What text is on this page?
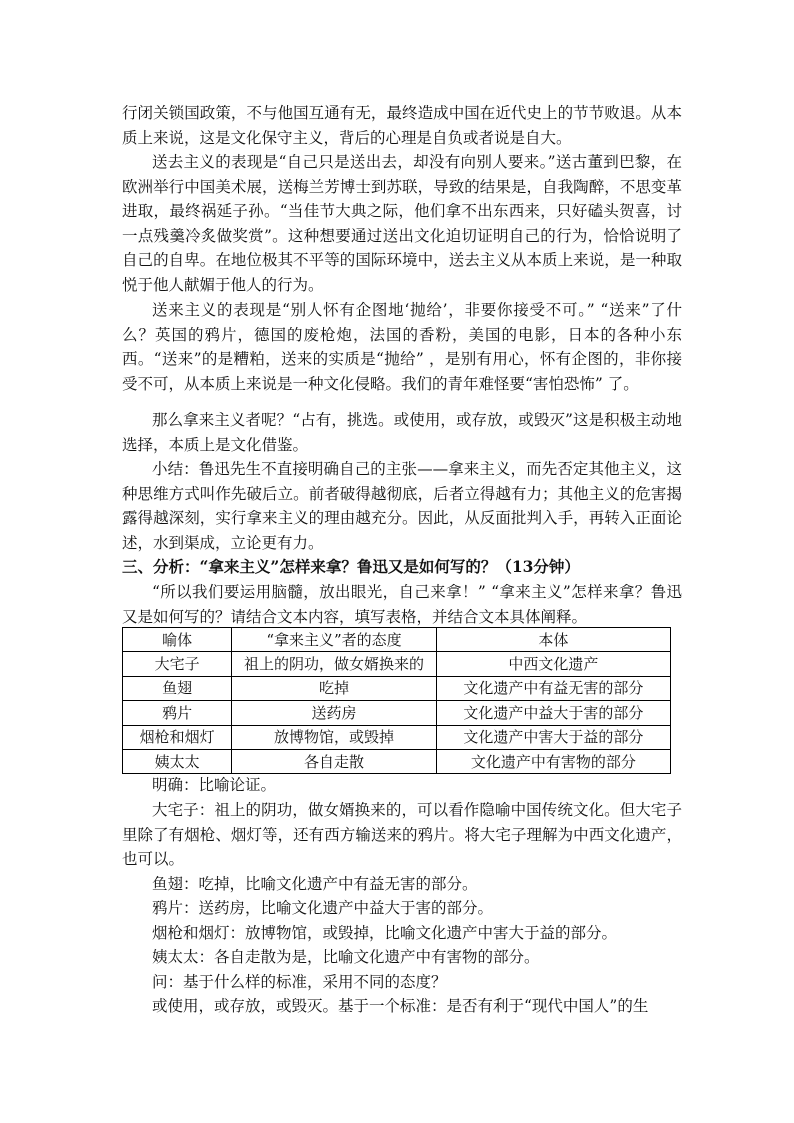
行闭关锁国政策，不与他国互通有无，最终造成中国在近代史上的节节败退。从本质上来说，这是文化保守主义，背后的心理是自负或者说是自大。
送去主义的表现是“自己只是送出去，却没有向别人要来。”送古董到巴黎，在欧洲举行中国美术展，送梅兰芳博士到苏联，导致的结果是，自我陶醉，不思变革进取，最终祸延子孙。“当佳节大典之际，他们拿不出东西来，只好磕头贺喜，讨一点残羹冷炙做奖赏”。这种想要通过送出文化迫切证明自己的行为，恰恰说明了自己的自卑。在地位极其不平等的国际环境中，送去主义从本质上来说，是一种取悦于他人献媚于他人的行为。
送来主义的表现是“别人怀有企图地‘抛给’，非要你接受不可。” “送来”了什么？英国的鸦片，德国的废枪炮，法国的香粉，美国的电影，日本的各种小东西。“送来”的是糟粕，送来的实质是“抛给” ，是别有用心，怀有企图的，非你接受不可，从本质上来说是一种文化侵略。我们的青年难怪要“害怕恐怖” 了。
那么拿来主义者呢？“占有，挑选。或使用，或存放，或毁灭”这是积极主动地选择，本质上是文化借鉴。
小结：鲁迅先生不直接明确自己的主张——拿来主义，而先否定其他主义，这种思维方式叫作先破后立。前者破得越彻底，后者立得越有力；其他主义的危害揭露得越深刻，实行拿来主义的理由越充分。因此，从反面批判入手，再转入正面论述，水到渠成，立论更有力。
三、分析：“拿来主义”怎样来拿？鲁迅又是如何写的？（13分钟）
“所以我们要运用脑髓，放出眼光，自己来拿！” “拿来主义”怎样来拿？鲁迅又是如何写的？请结合文本内容，填写表格，并结合文本具体阐释。
喻体	“拿来主义”者的态度	本体
大宅子	祖上的阴功，做女婿换来的	中西文化遗产
鱼翅	吃掉	文化遗产中有益无害的部分
鸦片	送药房	文化遗产中益大于害的部分
烟枪和烟灯	放博物馆，或毁掉	文化遗产中害大于益的部分
姨太太	各自走散	文化遗产中有害物的部分
明确：比喻论证。
大宅子：祖上的阴功，做女婿换来的，可以看作隐喻中国传统文化。但大宅子里除了有烟枪、烟灯等，还有西方输送来的鸦片。将大宅子理解为中西文化遗产，也可以。
鱼翅：吃掉，比喻文化遗产中有益无害的部分。
鸦片：送药房，比喻文化遗产中益大于害的部分。
烟枪和烟灯：放博物馆，或毁掉，比喻文化遗产中害大于益的部分。
姨太太：各自走散为是，比喻文化遗产中有害物的部分。
问：基于什么样的标准，采用不同的态度？
或使用，或存放，或毁灭。基于一个标准：是否有利于“现代中国人”的生
